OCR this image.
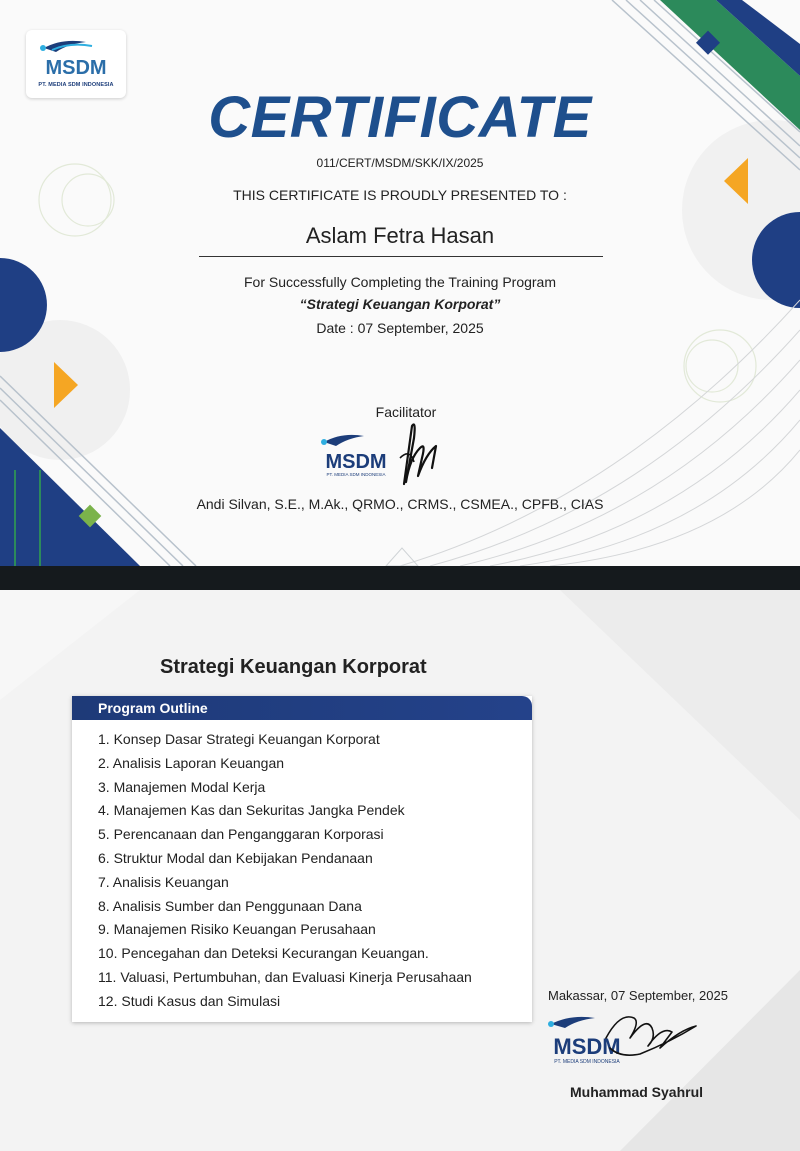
MSDM
PT. MEDIA SDM INDONESIA	CERTIFICATE
011/CERT/MSDM/SKK/IX/2025
THIS CERTIFICATE IS PROUDLY PRESENTED TO :
Aslam Fetra Hasan
For Successfully Completing the Training Program
“Strategi Keuangan Korporat”
Date : 07 September, 2025
Facilitator
MSDM
PT. MEDIA SDM INDONESIA
Andi Silvan, S.E., M.Ak., QRMO., CRMS., CSMEA., CPFB., CIAS
Strategi Keuangan Korporat
Program Outline
1. Konsep Dasar Strategi Keuangan Korporat
2. Analisis Laporan Keuangan
3. Manajemen Modal Kerja
4. Manajemen Kas dan Sekuritas Jangka Pendek
5. Perencanaan dan Penganggaran Korporasi
6. Struktur Modal dan Kebijakan Pendanaan
7. Analisis Keuangan
8. Analisis Sumber dan Penggunaan Dana
9. Manajemen Risiko Keuangan Perusahaan
10. Pencegahan dan Deteksi Kecurangan Keuangan.
11. Valuasi, Pertumbuhan, dan Evaluasi Kinerja Perusahaan
12. Studi Kasus dan Simulasi	Makassar, 07 September, 2025
MSDM
PT. MEDIA SDM INDONESIA
Muhammad Syahrul
